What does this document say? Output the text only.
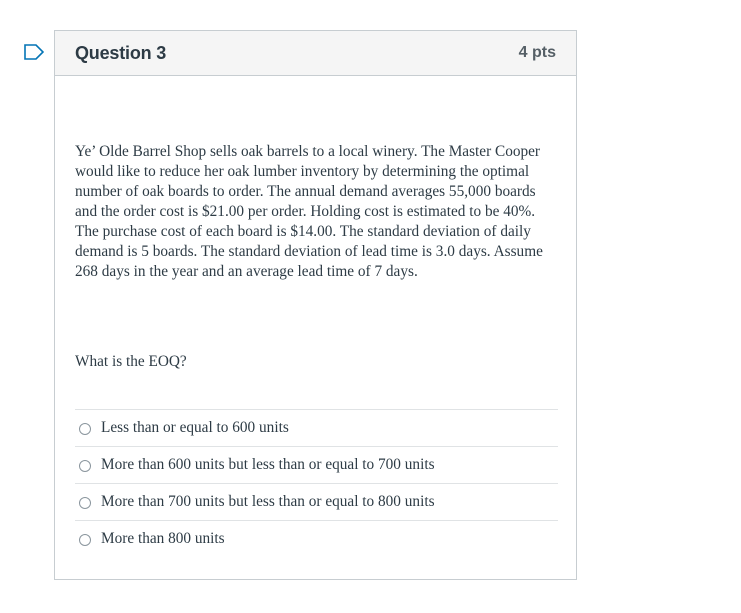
Question 3	4 pts

Ye’ Olde Barrel Shop sells oak barrels to a local winery. The Master Cooper would like to reduce her oak lumber inventory by determining the optimal number of oak boards to order. The annual demand averages 55,000 boards and the order cost is $21.00 per order. Holding cost is estimated to be 40%. The purchase cost of each board is $14.00. The standard deviation of daily demand is 5 boards. The standard deviation of lead time is 3.0 days. Assume 268 days in the year and an average lead time of 7 days.

What is the EOQ?

Less than or equal to 600 units
More than 600 units but less than or equal to 700 units
More than 700 units but less than or equal to 800 units
More than 800 units
